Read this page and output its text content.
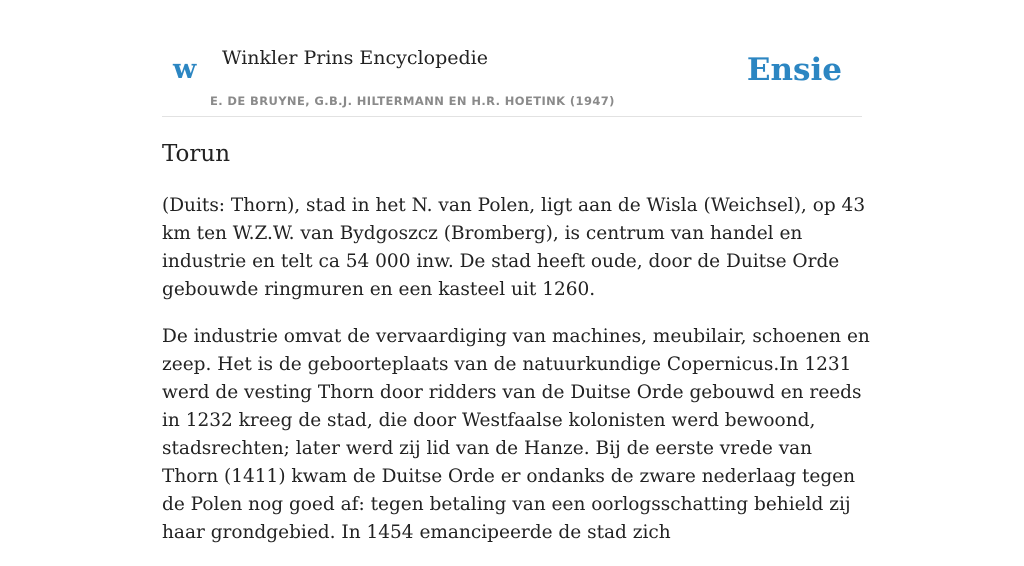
w Winkler Prins Encyclopedie
E. DE BRUYNE, G.B.J. HILTERMANN EN H.R. HOETINK (1947)
Ensie
Torun

(Duits: Thorn), stad in het N. van Polen, ligt aan de Wisla (Weichsel), op 43 km ten W.Z.W. van Bydgoszcz (Bromberg), is centrum van handel en industrie en telt ca 54 000 inw. De stad heeft oude, door de Duitse Orde gebouwde ringmuren en een kasteel uit 1260.

De industrie omvat de vervaardiging van machines, meubilair, schoenen en zeep. Het is de geboorteplaats van de natuurkundige Copernicus.In 1231 werd de vesting Thorn door ridders van de Duitse Orde gebouwd en reeds in 1232 kreeg de stad, die door Westfaalse kolonisten werd bewoond, stadsrechten; later werd zij lid van de Hanze. Bij de eerste vrede van Thorn (1411) kwam de Duitse Orde er ondanks de zware nederlaag tegen de Polen nog goed af: tegen betaling van een oorlogsschatting behield zij haar grondgebied. In 1454 emancipeerde de stad zich
